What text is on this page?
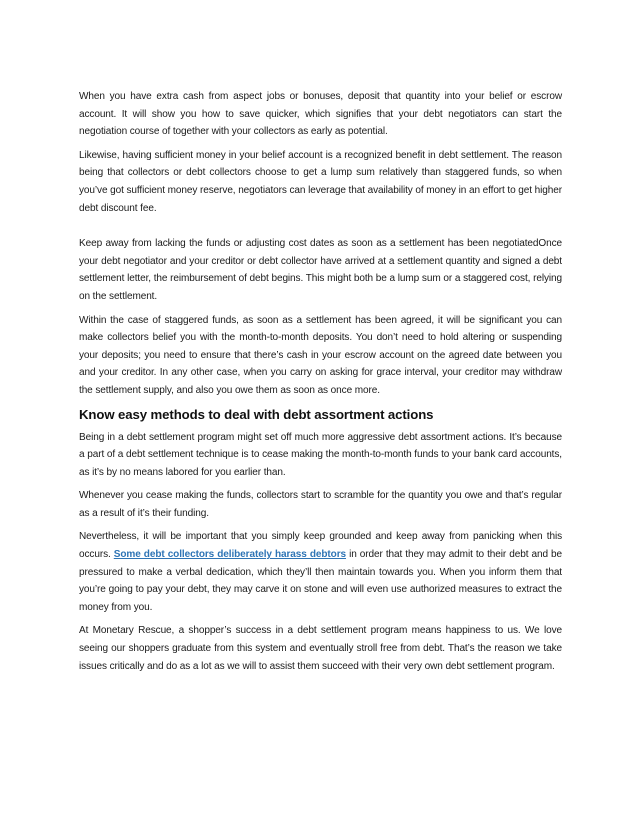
When you have extra cash from aspect jobs or bonuses, deposit that quantity into your belief or escrow account. It will show you how to save quicker, which signifies that your debt negotiators can start the negotiation course of together with your collectors as early as potential.

Likewise, having sufficient money in your belief account is a recognized benefit in debt settlement. The reason being that collectors or debt collectors choose to get a lump sum relatively than staggered funds, so when you’ve got sufficient money reserve, negotiators can leverage that availability of money in an effort to get higher debt discount fee.

Keep away from lacking the funds or adjusting cost dates as soon as a settlement has been negotiatedOnce your debt negotiator and your creditor or debt collector have arrived at a settlement quantity and signed a debt settlement letter, the reimbursement of debt begins. This might both be a lump sum or a staggered cost, relying on the settlement.

Within the case of staggered funds, as soon as a settlement has been agreed, it will be significant you can make collectors belief you with the month-to-month deposits. You don’t need to hold altering or suspending your deposits; you need to ensure that there’s cash in your escrow account on the agreed date between you and your creditor. In any other case, when you carry on asking for grace interval, your creditor may withdraw the settlement supply, and also you owe them as soon as once more.

Know easy methods to deal with debt assortment actions

Being in a debt settlement program might set off much more aggressive debt assortment actions. It’s because a part of a debt settlement technique is to cease making the month-to-month funds to your bank card accounts, as it’s by no means labored for you earlier than.

Whenever you cease making the funds, collectors start to scramble for the quantity you owe and that’s regular as a result of it’s their funding.

Nevertheless, it will be important that you simply keep grounded and keep away from panicking when this occurs. Some debt collectors deliberately harass debtors in order that they may admit to their debt and be pressured to make a verbal dedication, which they’ll then maintain towards you. When you inform them that you’re going to pay your debt, they may carve it on stone and will even use authorized measures to extract the money from you.

At Monetary Rescue, a shopper’s success in a debt settlement program means happiness to us. We love seeing our shoppers graduate from this system and eventually stroll free from debt. That’s the reason we take issues critically and do as a lot as we will to assist them succeed with their very own debt settlement program.
